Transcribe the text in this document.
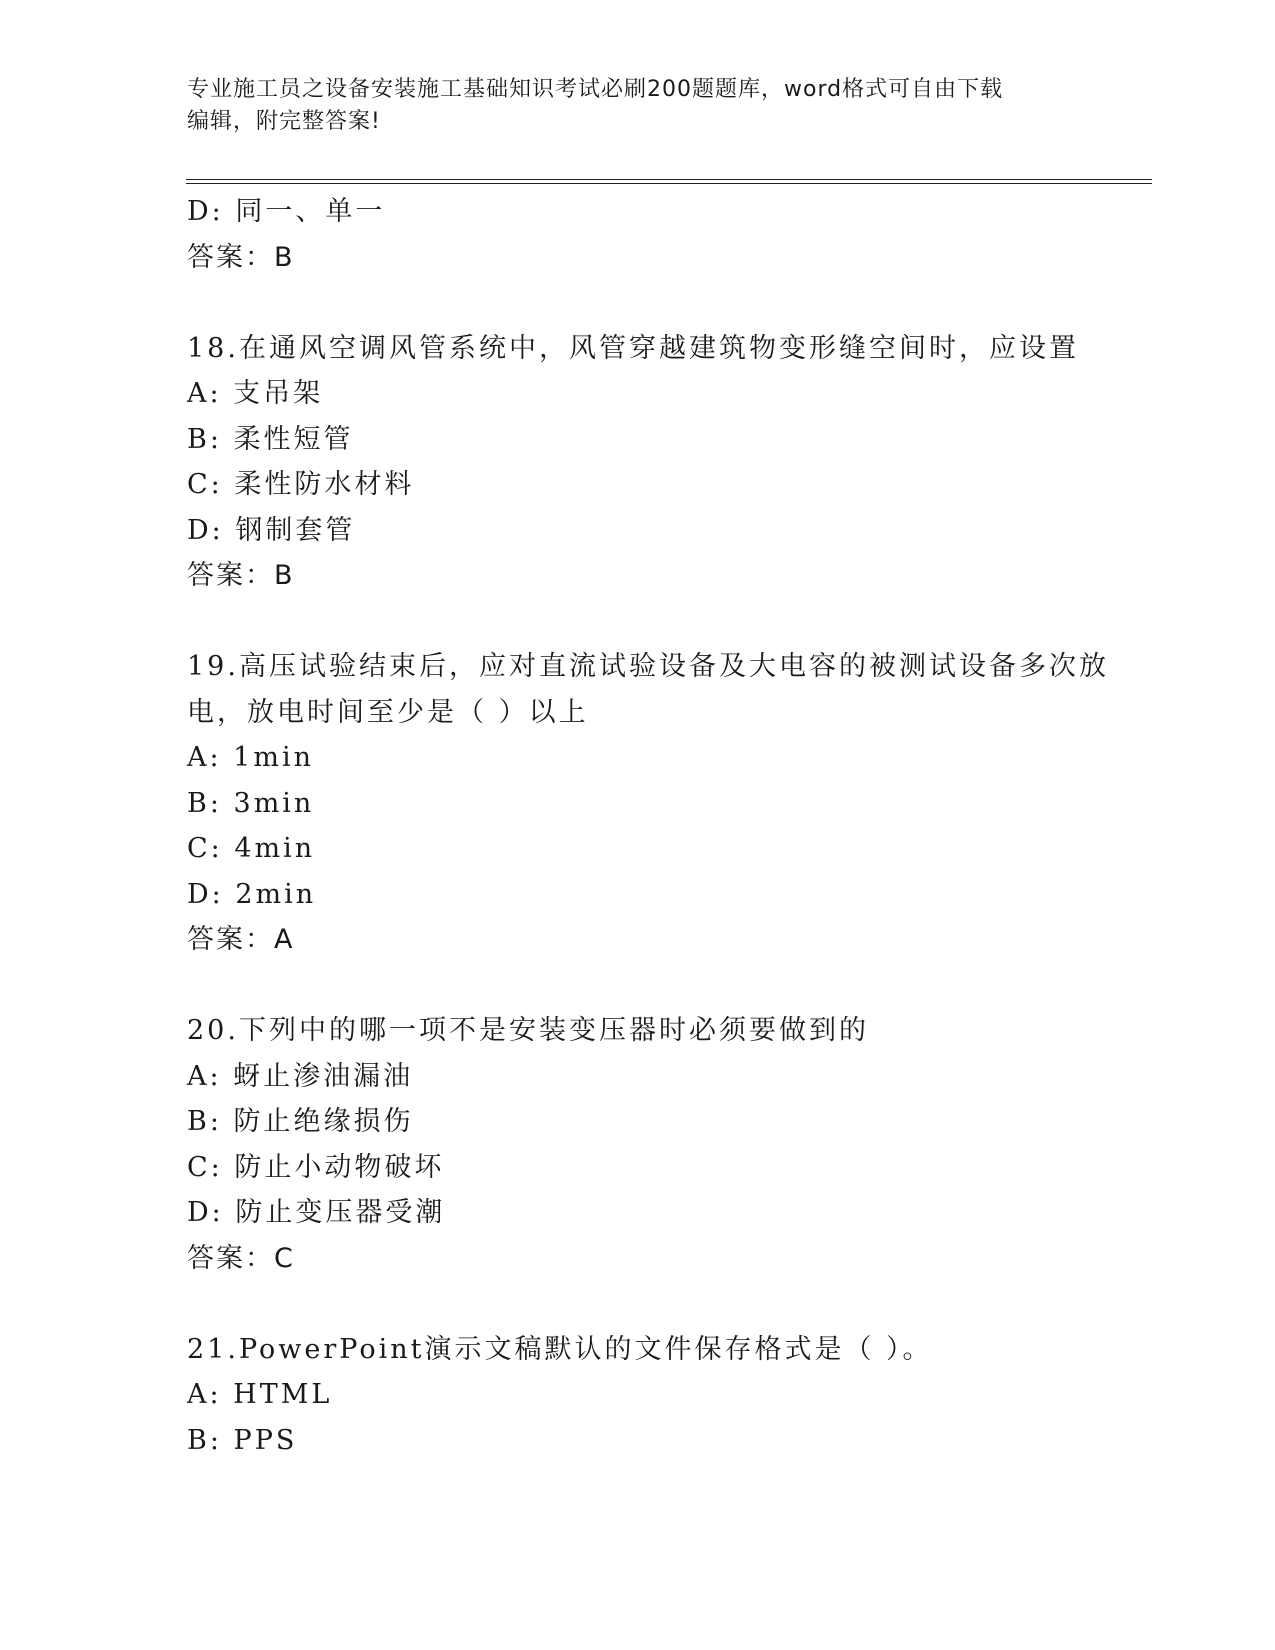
专业施工员之设备安装施工基础知识考试必刷200题题库，word格式可自由下载
编辑，附完整答案!
D: 同一、单一
答案：B
18.在通风空调风管系统中，风管穿越建筑物变形缝空间时，应设置
A: 支吊架
B: 柔性短管
C: 柔性防水材料
D: 钢制套管
答案：B
19.高压试验结束后，应对直流试验设备及大电容的被测试设备多次放
电，放电时间至少是（ ）以上
A: 1min
B: 3min
C: 4min
D: 2min
答案：A
20.下列中的哪一项不是安装变压器时必须要做到的
A: 蚜止渗油漏油
B: 防止绝缘损伤
C: 防止小动物破坏
D: 防止变压器受潮
答案：C
21.PowerPoint演示文稿默认的文件保存格式是（ ）。
A: HTML
B: PPS
